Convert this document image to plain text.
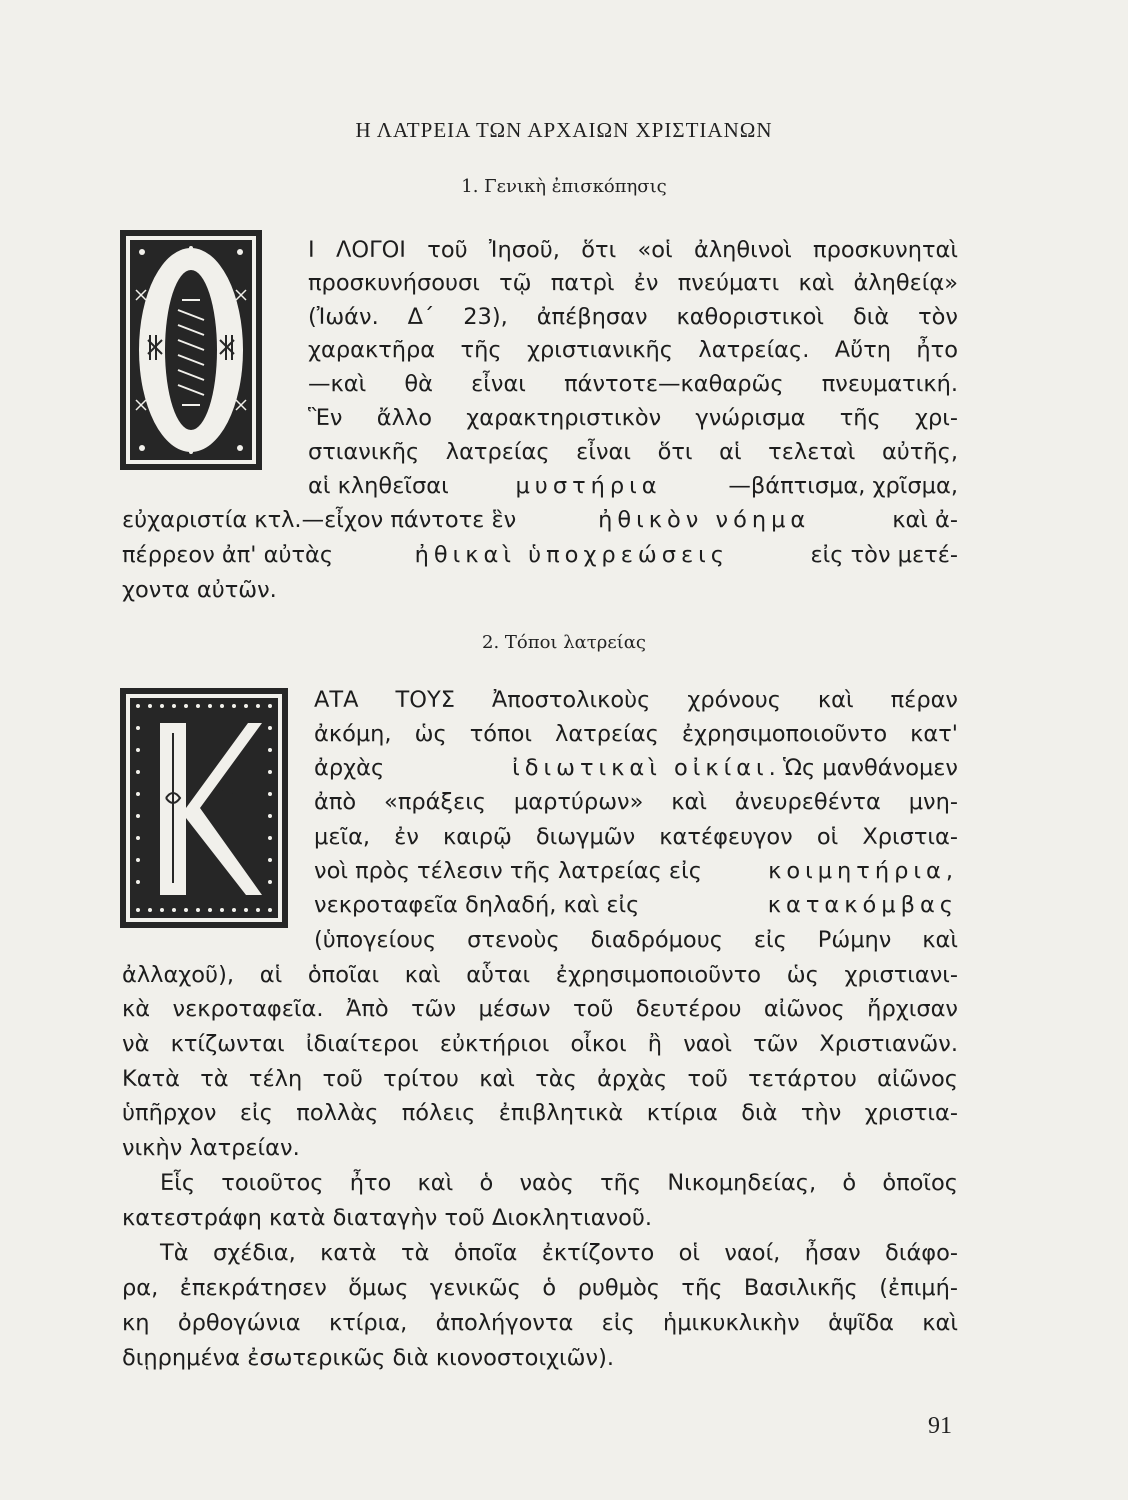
Η ΛΑΤΡΕΙΑ ΤΩΝ ΑΡΧΑΙΩΝ ΧΡΙΣΤΙΑΝΩΝ
1. Γενικὴ ἐπισκόπησις
Ι ΛΟΓΟΙ τοῦ Ἰησοῦ, ὅτι «οἱ ἀληθινοὶ προσκυνηταὶ
προσκυνήσουσι τῷ πατρὶ ἐν πνεύματι καὶ ἀληθείᾳ»
(Ἰωάν. Δ΄ 23), ἀπέβησαν καθοριστικοὶ διὰ τὸν
χαρακτῆρα τῆς χριστιανικῆς λατρείας. Αὔτη ἦτο
—καὶ θὰ εἶναι πάντοτε—καθαρῶς πνευματική.
Ἓν ἄλλο χαρακτηριστικὸν γνώρισμα τῆς χρι-
στιανικῆς λατρείας εἶναι ὅτι αἱ τελεταὶ αὐτῆς,
αἱ κληθεῖσαι	μυστήρια	—βάπτισμα, χρῖσμα,
εὐχαριστία κτλ.—εἶχον πάντοτε ἓν	ἠθικὸν νόημα	καὶ ἀ-
πέρρεον ἀπ' αὐτὰς	ἠθικαὶ ὑποχρεώσεις	εἰς τὸν μετέ-
χοντα αὐτῶν.
2. Τόποι λατρείας
ΑΤΑ ΤΟΥΣ Ἀποστολικοὺς χρόνους καὶ πέραν
ἀκόμη, ὡς τόποι λατρείας ἐχρησιμοποιοῦντο κατ'
ἀρχὰς	ἰδιωτικαὶ οἰκίαι. Ὡς μανθάνομεν
ἀπὸ «πράξεις μαρτύρων» καὶ ἀνευρεθέντα μνη-
μεῖα, ἐν καιρῷ διωγμῶν κατέφευγον οἱ Χριστια-
νοὶ πρὸς τέλεσιν τῆς λατρείας εἰς	κοιμητήρια,
νεκροταφεῖα δηλαδή, καὶ εἰς	κατακόμβας
(ὑπογείους στενοὺς διαδρόμους εἰς Ρώμην καὶ
ἀλλαχοῦ), αἱ ὁποῖαι καὶ αὗται ἐχρησιμοποιοῦντο ὡς χριστιανι-
κὰ νεκροταφεῖα. Ἀπὸ τῶν μέσων τοῦ δευτέρου αἰῶνος ἤρχισαν
νὰ κτίζωνται ἰδιαίτεροι εὐκτήριοι οἶκοι ἢ ναοὶ τῶν Χριστιανῶν.
Κατὰ τὰ τέλη τοῦ τρίτου καὶ τὰς ἀρχὰς τοῦ τετάρτου αἰῶνος
ὑπῆρχον εἰς πολλὰς πόλεις ἐπιβλητικὰ κτίρια διὰ τὴν χριστια-
νικὴν λατρείαν.
Εἷς τοιοῦτος ἦτο καὶ ὁ ναὸς τῆς Νικομηδείας, ὁ ὁποῖος
κατεστράφη κατὰ διαταγὴν τοῦ Διοκλητιανοῦ.
Τὰ σχέδια, κατὰ τὰ ὁποῖα ἐκτίζοντο οἱ ναοί, ἦσαν διάφο-
ρα, ἐπεκράτησεν ὅμως γενικῶς ὁ ρυθμὸς τῆς Βασιλικῆς (ἐπιμή-
κη ὀρθογώνια κτίρια, ἀπολήγοντα εἰς ἡμικυκλικὴν ἁψῖδα καὶ
διῃρημένα ἐσωτερικῶς διὰ κιονοστοιχιῶν).
91
